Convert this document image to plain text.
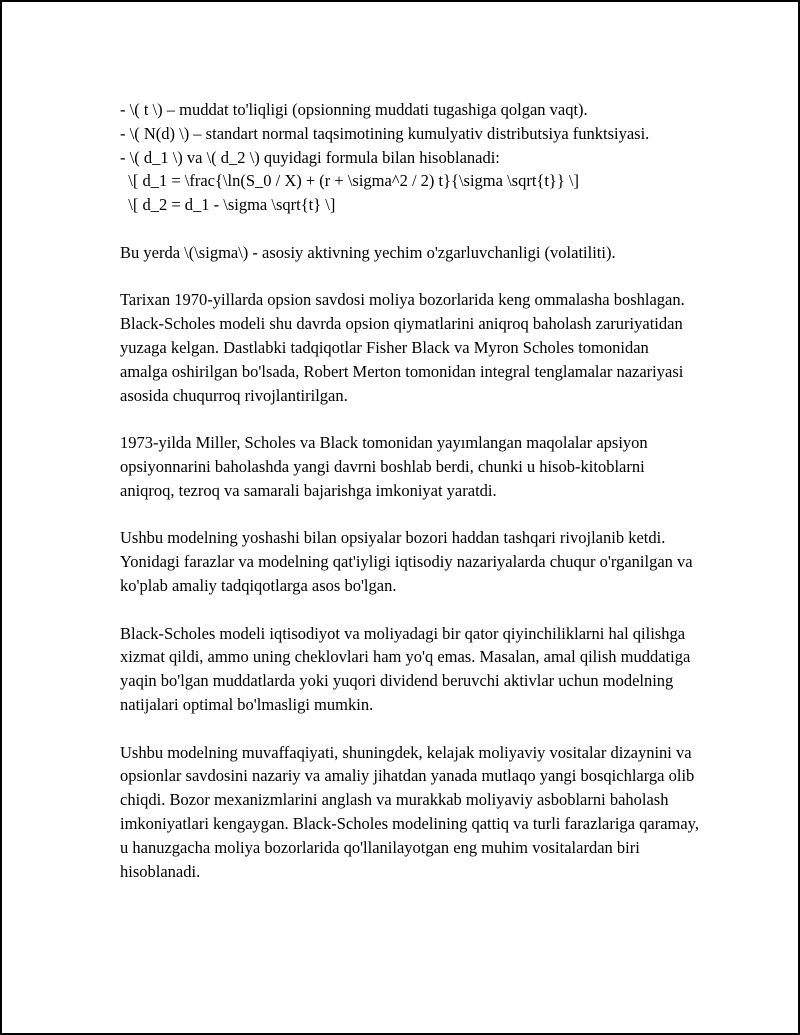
- \( t \) – muddat to'liqligi (opsionning muddati tugashiga qolgan vaqt).
- \( N(d) \) – standart normal taqsimotining kumulyativ distributsiya funktsiyasi.
- \( d_1 \) va \( d_2 \) quyidagi formula bilan hisoblanadi:
\[ d_1 = \frac{\ln(S_0 / X) + (r + \sigma^2 / 2) t}{\sigma \sqrt{t}} \]
\[ d_2 = d_1 - \sigma \sqrt{t} \]

Bu yerda \(\sigma\) - asosiy aktivning yechim o'zgarluvchanligi (volatiliti).

Tarixan 1970-yillarda opsion savdosi moliya bozorlarida keng ommalasha boshlagan. Black-Scholes modeli shu davrda opsion qiymatlarini aniqroq baholash zaruriyatidan yuzaga kelgan. Dastlabki tadqiqotlar Fisher Black va Myron Scholes tomonidan amalga oshirilgan bo'lsada, Robert Merton tomonidan integral tenglamalar nazariyasi asosida chuqurroq rivojlantirilgan.

1973-yilda Miller, Scholes va Black tomonidan yayımlangan maqolalar apsiyon opsiyonnarini baholashda yangi davrni boshlab berdi, chunki u hisob-kitoblarni aniqroq, tezroq va samarali bajarishga imkoniyat yaratdi.

Ushbu modelning yoshashi bilan opsiyalar bozori haddan tashqari rivojlanib ketdi. Yonidagi farazlar va modelning qat'iyligi iqtisodiy nazariyalarda chuqur o'rganilgan va ko'plab amaliy tadqiqotlarga asos bo'lgan.

Black-Scholes modeli iqtisodiyot va moliyadagi bir qator qiyinchiliklarni hal qilishga xizmat qildi, ammo uning cheklovlari ham yo'q emas. Masalan, amal qilish muddatiga yaqin bo'lgan muddatlarda yoki yuqori dividend beruvchi aktivlar uchun modelning natijalari optimal bo'lmasligi mumkin.

Ushbu modelning muvaffaqiyati, shuningdek, kelajak moliyaviy vositalar dizaynini va opsionlar savdosini nazariy va amaliy jihatdan yanada mutlaqo yangi bosqichlarga olib chiqdi. Bozor mexanizmlarini anglash va murakkab moliyaviy asboblarni baholash imkoniyatlari kengaygan. Black-Scholes modelining qattiq va turli farazlariga qaramay, u hanuzgacha moliya bozorlarida qo'llanilayotgan eng muhim vositalardan biri hisoblanadi.
